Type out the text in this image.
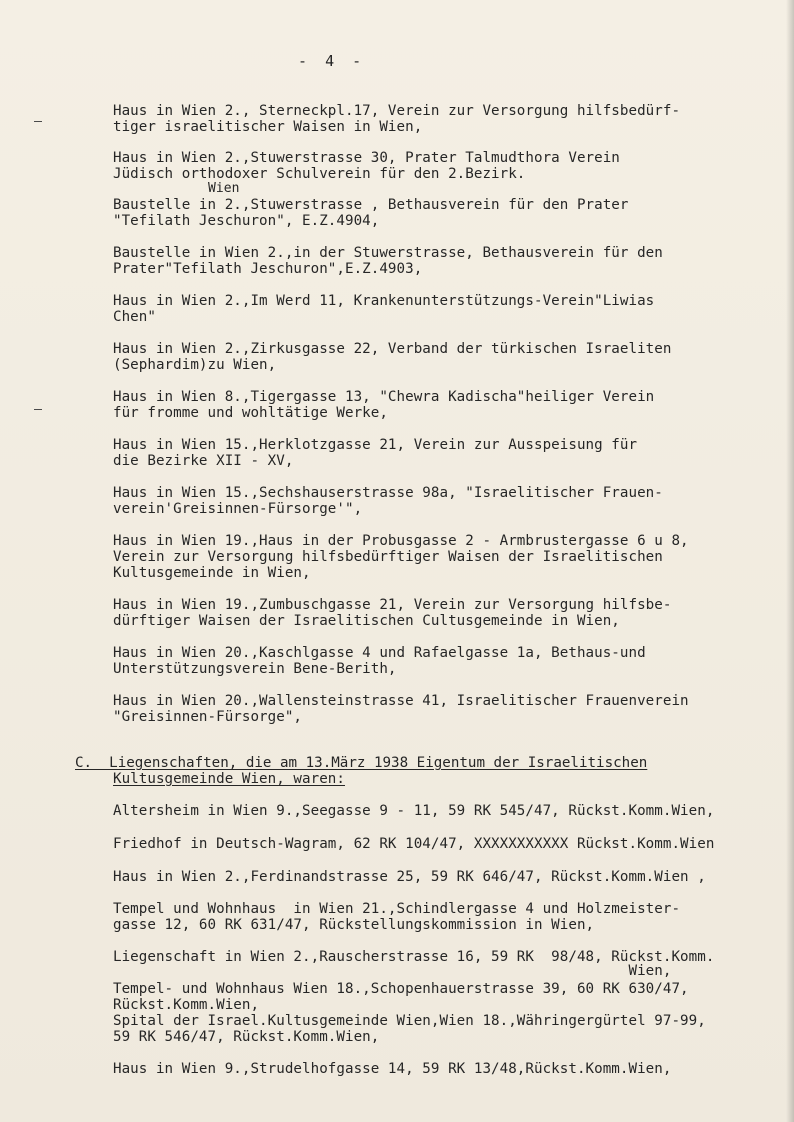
-  4  -
Haus in Wien 2., Sterneckpl.17, Verein zur Versorgung hilfsbedürf-
tiger israelitischer Waisen in Wien,
Haus in Wien 2.,Stuwerstrasse 30, Prater Talmudthora Verein
Jüdisch orthodoxer Schulverein für den 2.Bezirk.
Wien
Baustelle in 2.,Stuwerstrasse , Bethausverein für den Prater
"Tefilath Jeschuron", E.Z.4904,
Baustelle in Wien 2.,in der Stuwerstrasse, Bethausverein für den
Prater"Tefilath Jeschuron",E.Z.4903,
Haus in Wien 2.,Im Werd 11, Krankenunterstützungs-Verein"Liwias
Chen"
Haus in Wien 2.,Zirkusgasse 22, Verband der türkischen Israeliten
(Sephardim)zu Wien,
Haus in Wien 8.,Tigergasse 13, "Chewra Kadischa"heiliger Verein
für fromme und wohltätige Werke,
Haus in Wien 15.,Herklotzgasse 21, Verein zur Ausspeisung für
die Bezirke XII - XV,
Haus in Wien 15.,Sechshauserstrasse 98a, "Israelitischer Frauen-
verein'Greisinnen-Fürsorge'",
Haus in Wien 19.,Haus in der Probusgasse 2 - Armbrustergasse 6 u 8,
Verein zur Versorgung hilfsbedürftiger Waisen der Israelitischen
Kultusgemeinde in Wien,
Haus in Wien 19.,Zumbuschgasse 21, Verein zur Versorgung hilfsbe-
dürftiger Waisen der Israelitischen Cultusgemeinde in Wien,
Haus in Wien 20.,Kaschlgasse 4 und Rafaelgasse 1a, Bethaus-und
Unterstützungsverein Bene-Berith,
Haus in Wien 20.,Wallensteinstrasse 41, Israelitischer Frauenverein
"Greisinnen-Fürsorge",
C.  Liegenschaften, die am 13.März 1938 Eigentum der Israelitischen
Kultusgemeinde Wien, waren:
Altersheim in Wien 9.,Seegasse 9 - 11, 59 RK 545/47, Rückst.Komm.Wien,
Friedhof in Deutsch-Wagram, 62 RK 104/47, XXXXXXXXXXX Rückst.Komm.Wien
Haus in Wien 2.,Ferdinandstrasse 25, 59 RK 646/47, Rückst.Komm.Wien ,
Tempel und Wohnhaus  in Wien 21.,Schindlergasse 4 und Holzmeister-
gasse 12, 60 RK 631/47, Rückstellungskommission in Wien,
Liegenschaft in Wien 2.,Rauscherstrasse 16, 59 RK  98/48, Rückst.Komm.
Wien,
Tempel- und Wohnhaus Wien 18.,Schopenhauerstrasse 39, 60 RK 630/47,
Rückst.Komm.Wien,
Spital der Israel.Kultusgemeinde Wien,Wien 18.,Währingergürtel 97-99,
59 RK 546/47, Rückst.Komm.Wien,
Haus in Wien 9.,Strudelhofgasse 14, 59 RK 13/48,Rückst.Komm.Wien,
